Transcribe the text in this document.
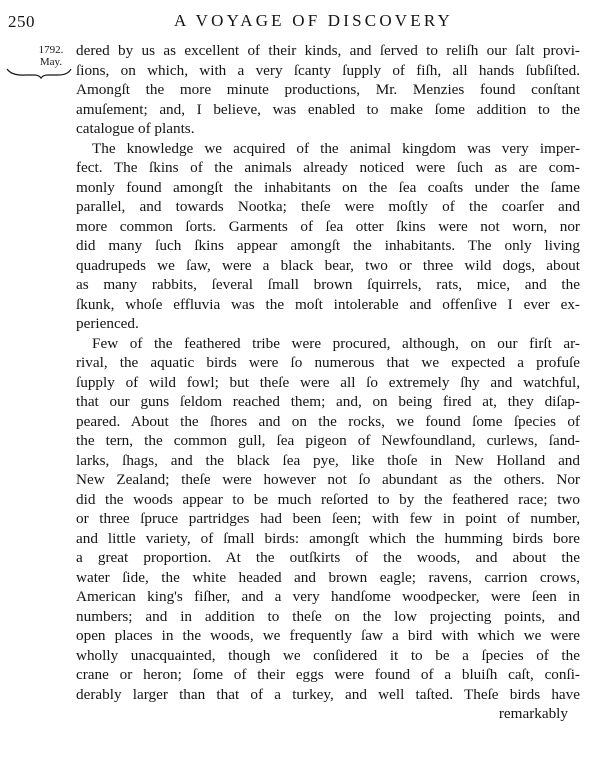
250	A VOYAGE OF DISCOVERY
1792.
May.
dered by us as excellent of their kinds, and ſerved to reliſh our ſalt provi-
ſions, on which, with a very ſcanty ſupply of fiſh, all hands ſubſiſted.
Amongſt the more minute productions, Mr. Menzies found conſtant
amuſement; and, I believe, was enabled to make ſome addition to the
catalogue of plants.
The knowledge we acquired of the animal kingdom was very imper-
fect. The ſkins of the animals already noticed were ſuch as are com-
monly found amongſt the inhabitants on the ſea coaſts under the ſame
parallel, and towards Nootka; theſe were moſtly of the coarſer and
more common ſorts. Garments of ſea otter ſkins were not worn, nor
did many ſuch ſkins appear amongſt the inhabitants. The only living
quadrupeds we ſaw, were a black bear, two or three wild dogs, about
as many rabbits, ſeveral ſmall brown ſquirrels, rats, mice, and the
ſkunk, whoſe effluvia was the moſt intolerable and offenſive I ever ex-
perienced.
Few of the feathered tribe were procured, although, on our firſt ar-
rival, the aquatic birds were ſo numerous that we expected a profuſe
ſupply of wild fowl; but theſe were all ſo extremely ſhy and watchful,
that our guns ſeldom reached them; and, on being fired at, they diſap-
peared. About the ſhores and on the rocks, we found ſome ſpecies of
the tern, the common gull, ſea pigeon of Newfoundland, curlews, ſand-
larks, ſhags, and the black ſea pye, like thoſe in New Holland and
New Zealand; theſe were however not ſo abundant as the others. Nor
did the woods appear to be much reſorted to by the feathered race; two
or three ſpruce partridges had been ſeen; with few in point of number,
and little variety, of ſmall birds: amongſt which the humming birds bore
a great proportion. At the outſkirts of the woods, and about the
water ſide, the white headed and brown eagle; ravens, carrion crows,
American king's fiſher, and a very handſome woodpecker, were ſeen in
numbers; and in addition to theſe on the low projecting points, and
open places in the woods, we frequently ſaw a bird with which we were
wholly unacquainted, though we conſidered it to be a ſpecies of the
crane or heron; ſome of their eggs were found of a bluiſh caſt, conſi-
derably larger than that of a turkey, and well taſted. Theſe birds have
remarkably
